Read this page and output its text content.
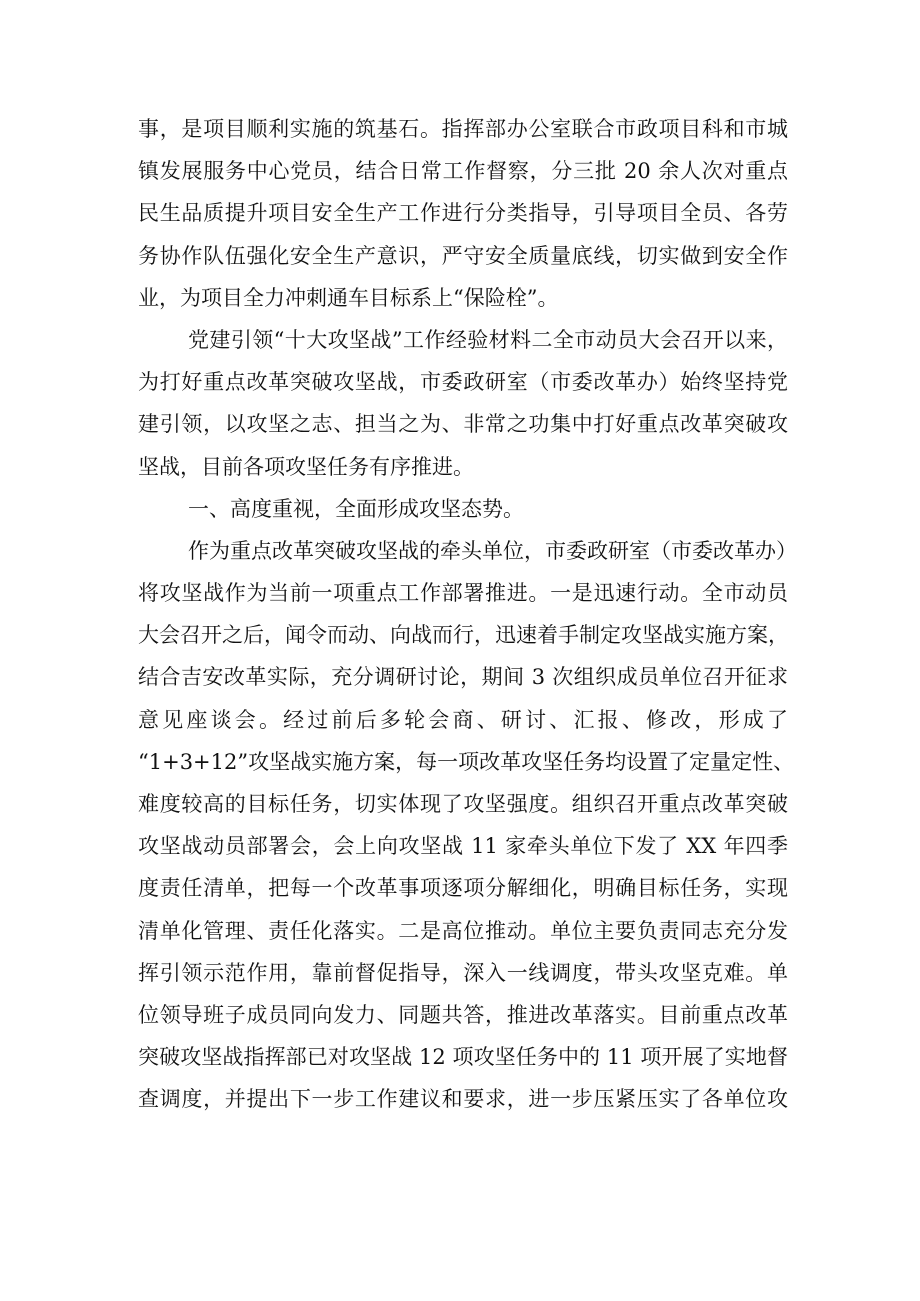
事，是项目顺利实施的筑基石。指挥部办公室联合市政项目科和市城
镇发展服务中心党员，结合日常工作督察，分三批 20 余人次对重点
民生品质提升项目安全生产工作进行分类指导，引导项目全员、各劳
务协作队伍强化安全生产意识，严守安全质量底线，切实做到安全作
业，为项目全力冲刺通车目标系上“保险栓”。
党建引领“十大攻坚战”工作经验材料二全市动员大会召开以来，
为打好重点改革突破攻坚战，市委政研室（市委改革办）始终坚持党
建引领，以攻坚之志、担当之为、非常之功集中打好重点改革突破攻
坚战，目前各项攻坚任务有序推进。
一、高度重视，全面形成攻坚态势。
作为重点改革突破攻坚战的牵头单位，市委政研室（市委改革办）
将攻坚战作为当前一项重点工作部署推进。一是迅速行动。全市动员
大会召开之后，闻令而动、向战而行，迅速着手制定攻坚战实施方案，
结合吉安改革实际，充分调研讨论，期间 3 次组织成员单位召开征求
意见座谈会。经过前后多轮会商、研讨、汇报、修改，形成了
“1+3+12”攻坚战实施方案，每一项改革攻坚任务均设置了定量定性、
难度较高的目标任务，切实体现了攻坚强度。组织召开重点改革突破
攻坚战动员部署会，会上向攻坚战 11 家牵头单位下发了 XX 年四季
度责任清单，把每一个改革事项逐项分解细化，明确目标任务，实现
清单化管理、责任化落实。二是高位推动。单位主要负责同志充分发
挥引领示范作用，靠前督促指导，深入一线调度，带头攻坚克难。单
位领导班子成员同向发力、同题共答，推进改革落实。目前重点改革
突破攻坚战指挥部已对攻坚战 12 项攻坚任务中的 11 项开展了实地督
查调度，并提出下一步工作建议和要求，进一步压紧压实了各单位攻
